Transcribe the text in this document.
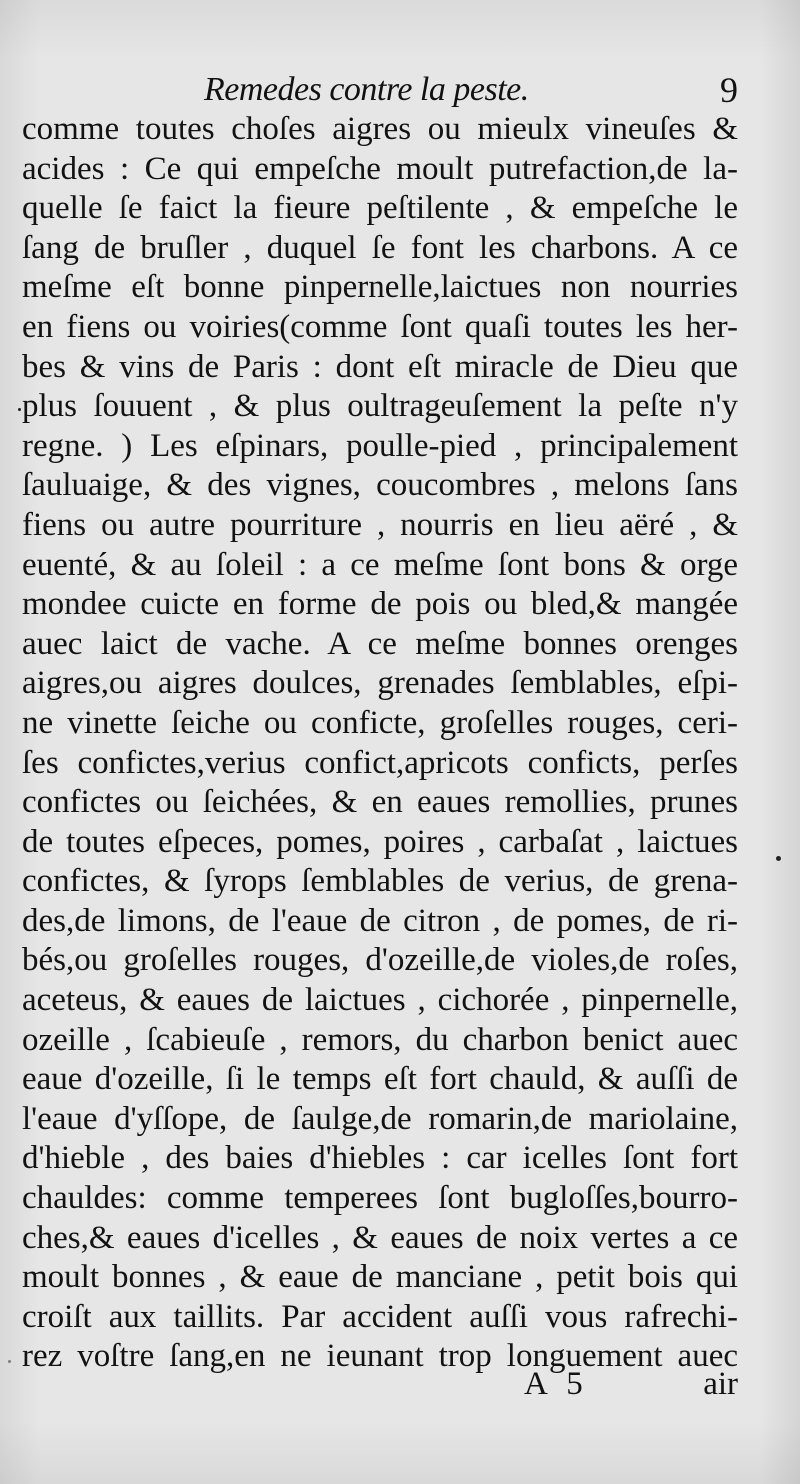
Remedes contre la peste.	9
comme toutes choſes aigres ou mieulx vineuſes &
acides : Ce qui empeſche moult putrefaction,de la-
quelle ſe faict la fieure peſtilente , & empeſche le
ſang de bruſler , duquel ſe font les charbons. A ce
meſme eſt bonne pinpernelle,laictues non nourries
en fiens ou voiries(comme ſont quaſi toutes les her-
bes & vins de Paris : dont eſt miracle de Dieu que
plus ſouuent , & plus oultrageuſement la peſte n'y
regne. ) Les eſpinars, poulle-pied , principalement
ſauluaige, & des vignes, coucombres , melons ſans
fiens ou autre pourriture , nourris en lieu aëré , &
euenté, & au ſoleil : a ce meſme ſont bons & orge
mondee cuicte en forme de pois ou bled,& mangée
auec laict de vache. A ce meſme bonnes orenges
aigres,ou aigres doulces, grenades ſemblables, eſpi-
ne vinette ſeiche ou conficte, groſelles rouges, ceri-
ſes confictes,verius confict,apricots conficts, perſes
confictes ou ſeichées, & en eaues remollies, prunes
de toutes eſpeces, pomes, poires , carbaſat , laictues
confictes, & ſyrops ſemblables de verius, de grena-
des,de limons, de l'eaue de citron , de pomes, de ri-
bés,ou groſelles rouges, d'ozeille,de violes,de roſes,
aceteus, & eaues de laictues , cichorée , pinpernelle,
ozeille , ſcabieuſe , remors, du charbon benict auec
eaue d'ozeille, ſi le temps eſt fort chauld, & auſſi de
l'eaue d'yſſope, de ſaulge,de romarin,de mariolaine,
d'hieble , des baies d'hiebles : car icelles ſont fort
chauldes: comme temperees ſont bugloſſes,bourro-
ches,& eaues d'icelles , & eaues de noix vertes a ce
moult bonnes , & eaue de manciane , petit bois qui
croiſt aux taillits. Par accident auſſi vous rafrechi-
rez voſtre ſang,en ne ieunant trop longuement auec
A 5	air
